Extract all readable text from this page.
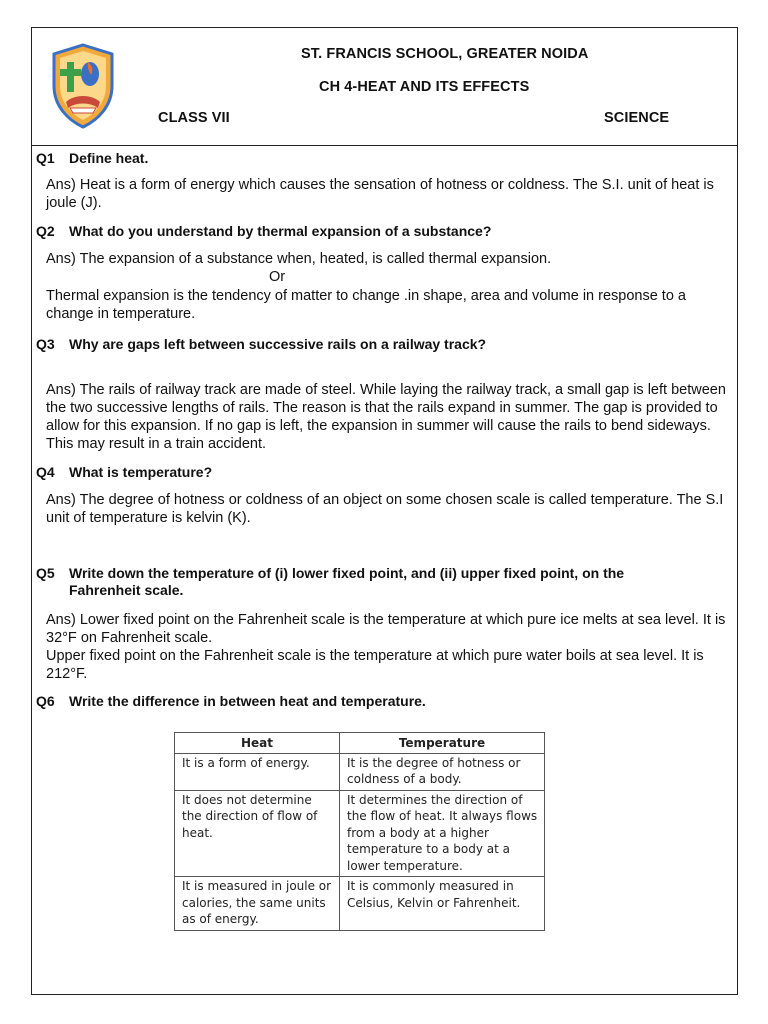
ST. FRANCIS SCHOOL, GREATER NOIDA
CH 4-HEAT AND ITS EFFECTS
CLASS VII	SCIENCE
Q1 Define heat.

Ans) Heat is a form of energy which causes the sensation of hotness or coldness. The S.I. unit of heat is joule (J).

Q2 What do you understand by thermal expansion of a substance?

Ans) The expansion of a substance when, heated, is called thermal expansion.

Or

Thermal expansion is the tendency of matter to change .in shape, area and volume in response to a change in temperature.

Q3 Why are gaps left between successive rails on a railway track?

Ans) The rails of railway track are made of steel. While laying the railway track, a small gap is left between the two successive lengths of rails. The reason is that the rails expand in summer. The gap is provided to allow for this expansion. If no gap is left, the expansion in summer will cause the rails to bend sideways. This may result in a train accident.

Q4 What is temperature?

Ans) The degree of hotness or coldness of an object on some chosen scale is called temperature. The S.I unit of temperature is kelvin (K).

Q5 Write down the temperature of (i) lower fixed point, and (ii) upper fixed point, on the
Fahrenheit scale.

Ans) Lower fixed point on the Fahrenheit scale is the temperature at which pure ice melts at sea level. It is 32°F on Fahrenheit scale.

Upper fixed point on the Fahrenheit scale is the temperature at which pure water boils at sea level. It is 212°F.

Q6 Write the difference in between heat and temperature.
Heat	Temperature
It is a form of energy.	It is the degree of hotness or coldness of a body.
It does not determine the direction of flow of heat.	It determines the direction of the flow of heat. It always flows from a body at a higher temperature to a body at a lower temperature.
It is measured in joule or calories, the same units as of energy.	It is commonly measured in Celsius, Kelvin or Fahrenheit.
